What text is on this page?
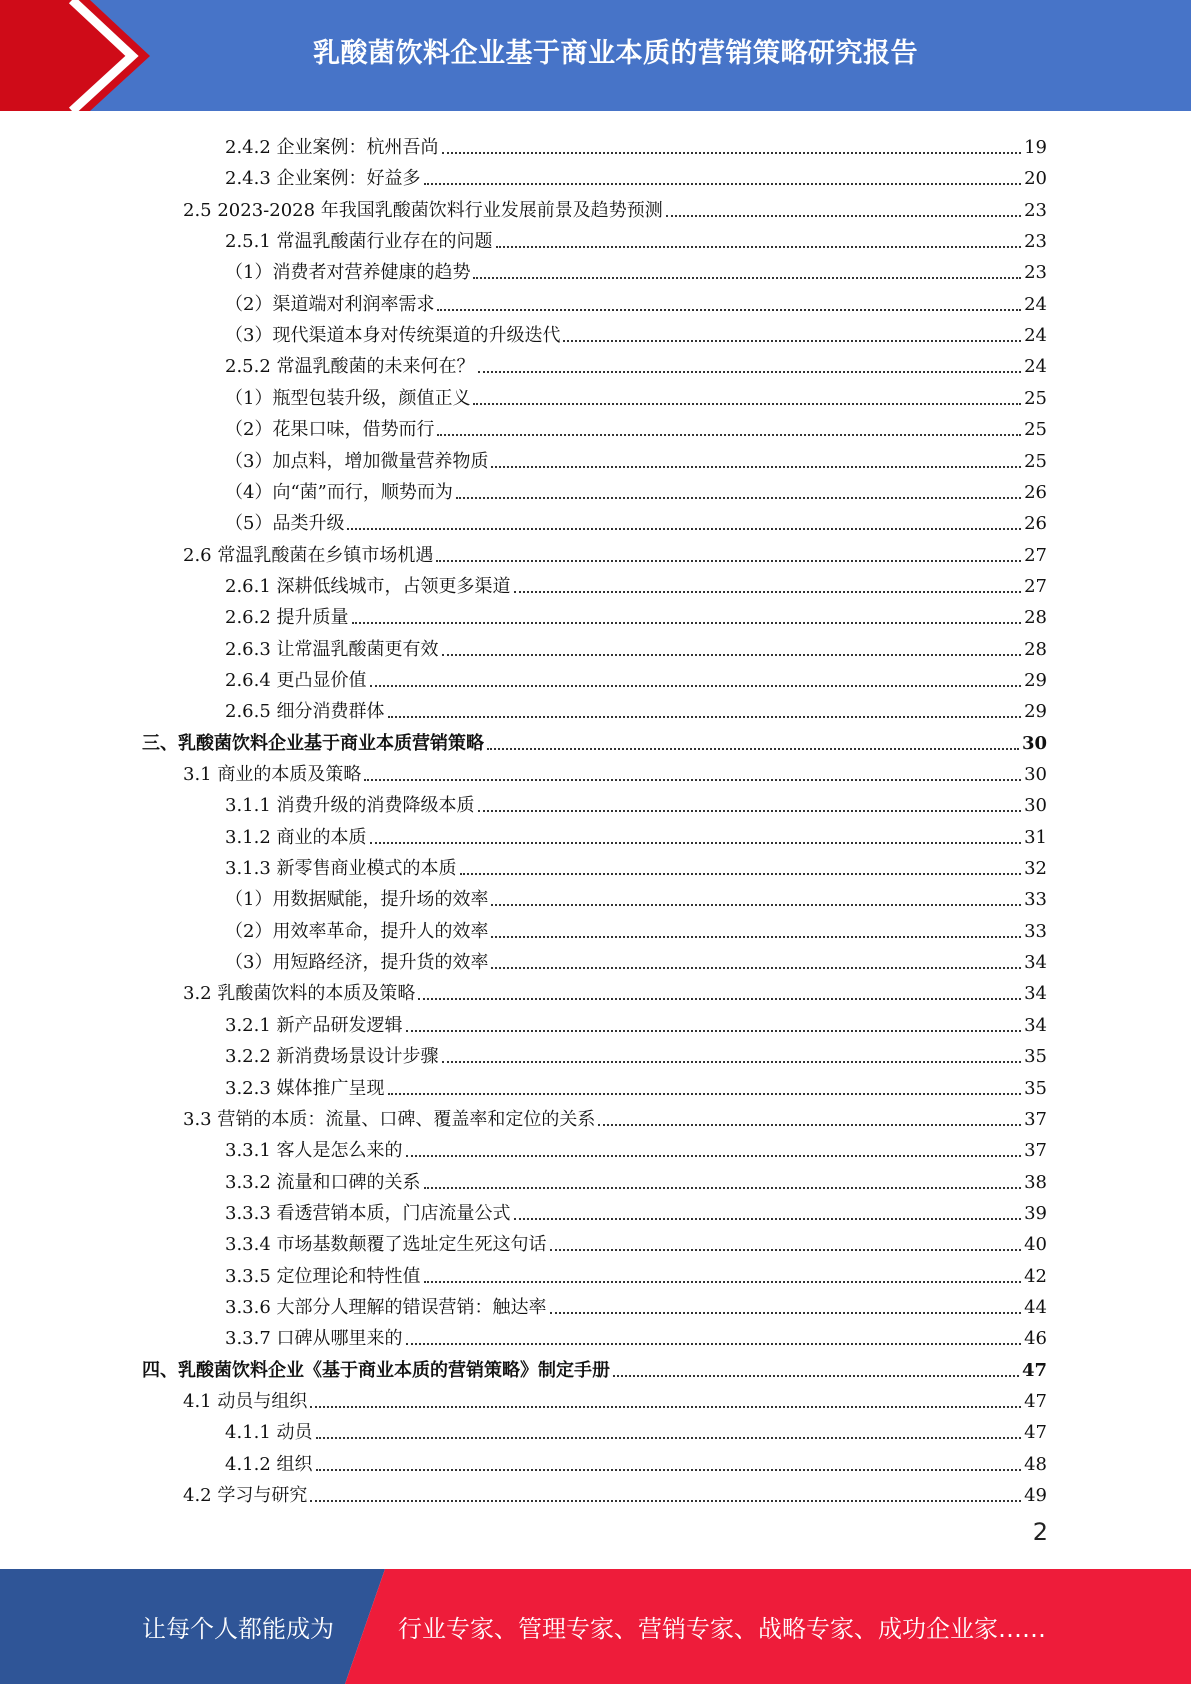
乳酸菌饮料企业基于商业本质的营销策略研究报告
2.4.2 企业案例：杭州吾尚	19
2.4.3 企业案例：好益多	20
2.5 2023-2028 年我国乳酸菌饮料行业发展前景及趋势预测	23
2.5.1 常温乳酸菌行业存在的问题	23
（1）消费者对营养健康的趋势	23
（2）渠道端对利润率需求	24
（3）现代渠道本身对传统渠道的升级迭代	24
2.5.2 常温乳酸菌的未来何在？	24
（1）瓶型包装升级，颜值正义	25
（2）花果口味，借势而行	25
（3）加点料，增加微量营养物质	25
（4）向“菌”而行，顺势而为	26
（5）品类升级	26
2.6 常温乳酸菌在乡镇市场机遇	27
2.6.1 深耕低线城市，占领更多渠道	27
2.6.2 提升质量	28
2.6.3 让常温乳酸菌更有效	28
2.6.4 更凸显价值	29
2.6.5 细分消费群体	29
三、乳酸菌饮料企业基于商业本质营销策略	30
3.1 商业的本质及策略	30
3.1.1 消费升级的消费降级本质	30
3.1.2 商业的本质	31
3.1.3 新零售商业模式的本质	32
（1）用数据赋能，提升场的效率	33
（2）用效率革命，提升人的效率	33
（3）用短路经济，提升货的效率	34
3.2 乳酸菌饮料的本质及策略	34
3.2.1 新产品研发逻辑	34
3.2.2 新消费场景设计步骤	35
3.2.3 媒体推广呈现	35
3.3 营销的本质：流量、口碑、覆盖率和定位的关系	37
3.3.1 客人是怎么来的	37
3.3.2 流量和口碑的关系	38
3.3.3 看透营销本质，门店流量公式	39
3.3.4 市场基数颠覆了选址定生死这句话	40
3.3.5 定位理论和特性值	42
3.3.6 大部分人理解的错误营销：触达率	44
3.3.7 口碑从哪里来的	46
四、乳酸菌饮料企业《基于商业本质的营销策略》制定手册	47
4.1 动员与组织	47
4.1.1 动员	47
4.1.2 组织	48
4.2 学习与研究	49
2
让每个人都能成为	行业专家、管理专家、营销专家、战略专家、成功企业家……
